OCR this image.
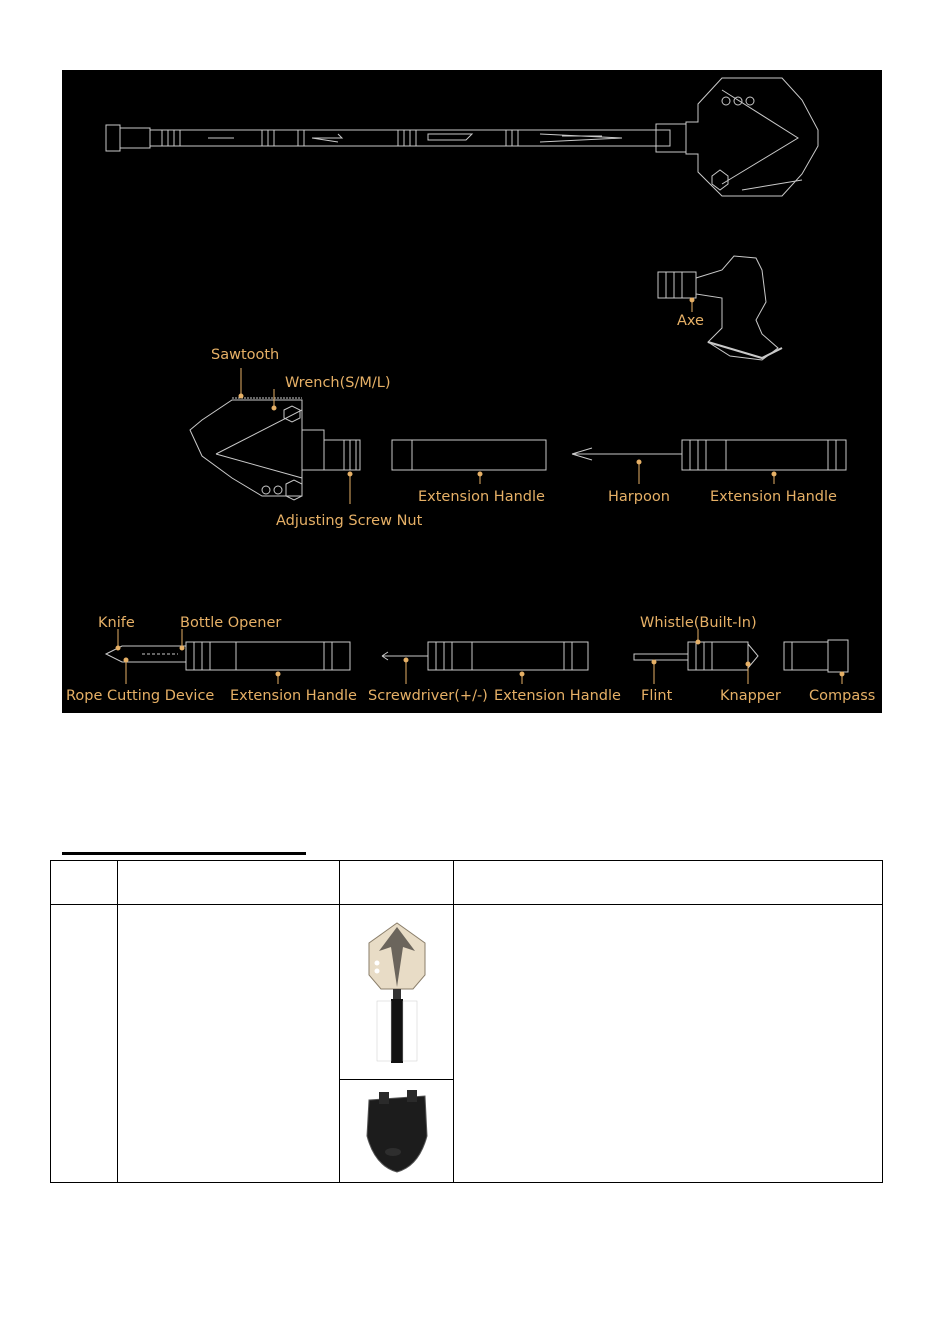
Axe
Sawtooth
Wrench(S/M/L)
Adjusting Screw Nut
Extension Handle	Harpoon	Extension Handle
Knife	Bottle Opener
Rope Cutting Device Extension Handle Screwdriver(+/-) Extension Handle
Whistle(Built-In)
Flint	Knapper Compass
